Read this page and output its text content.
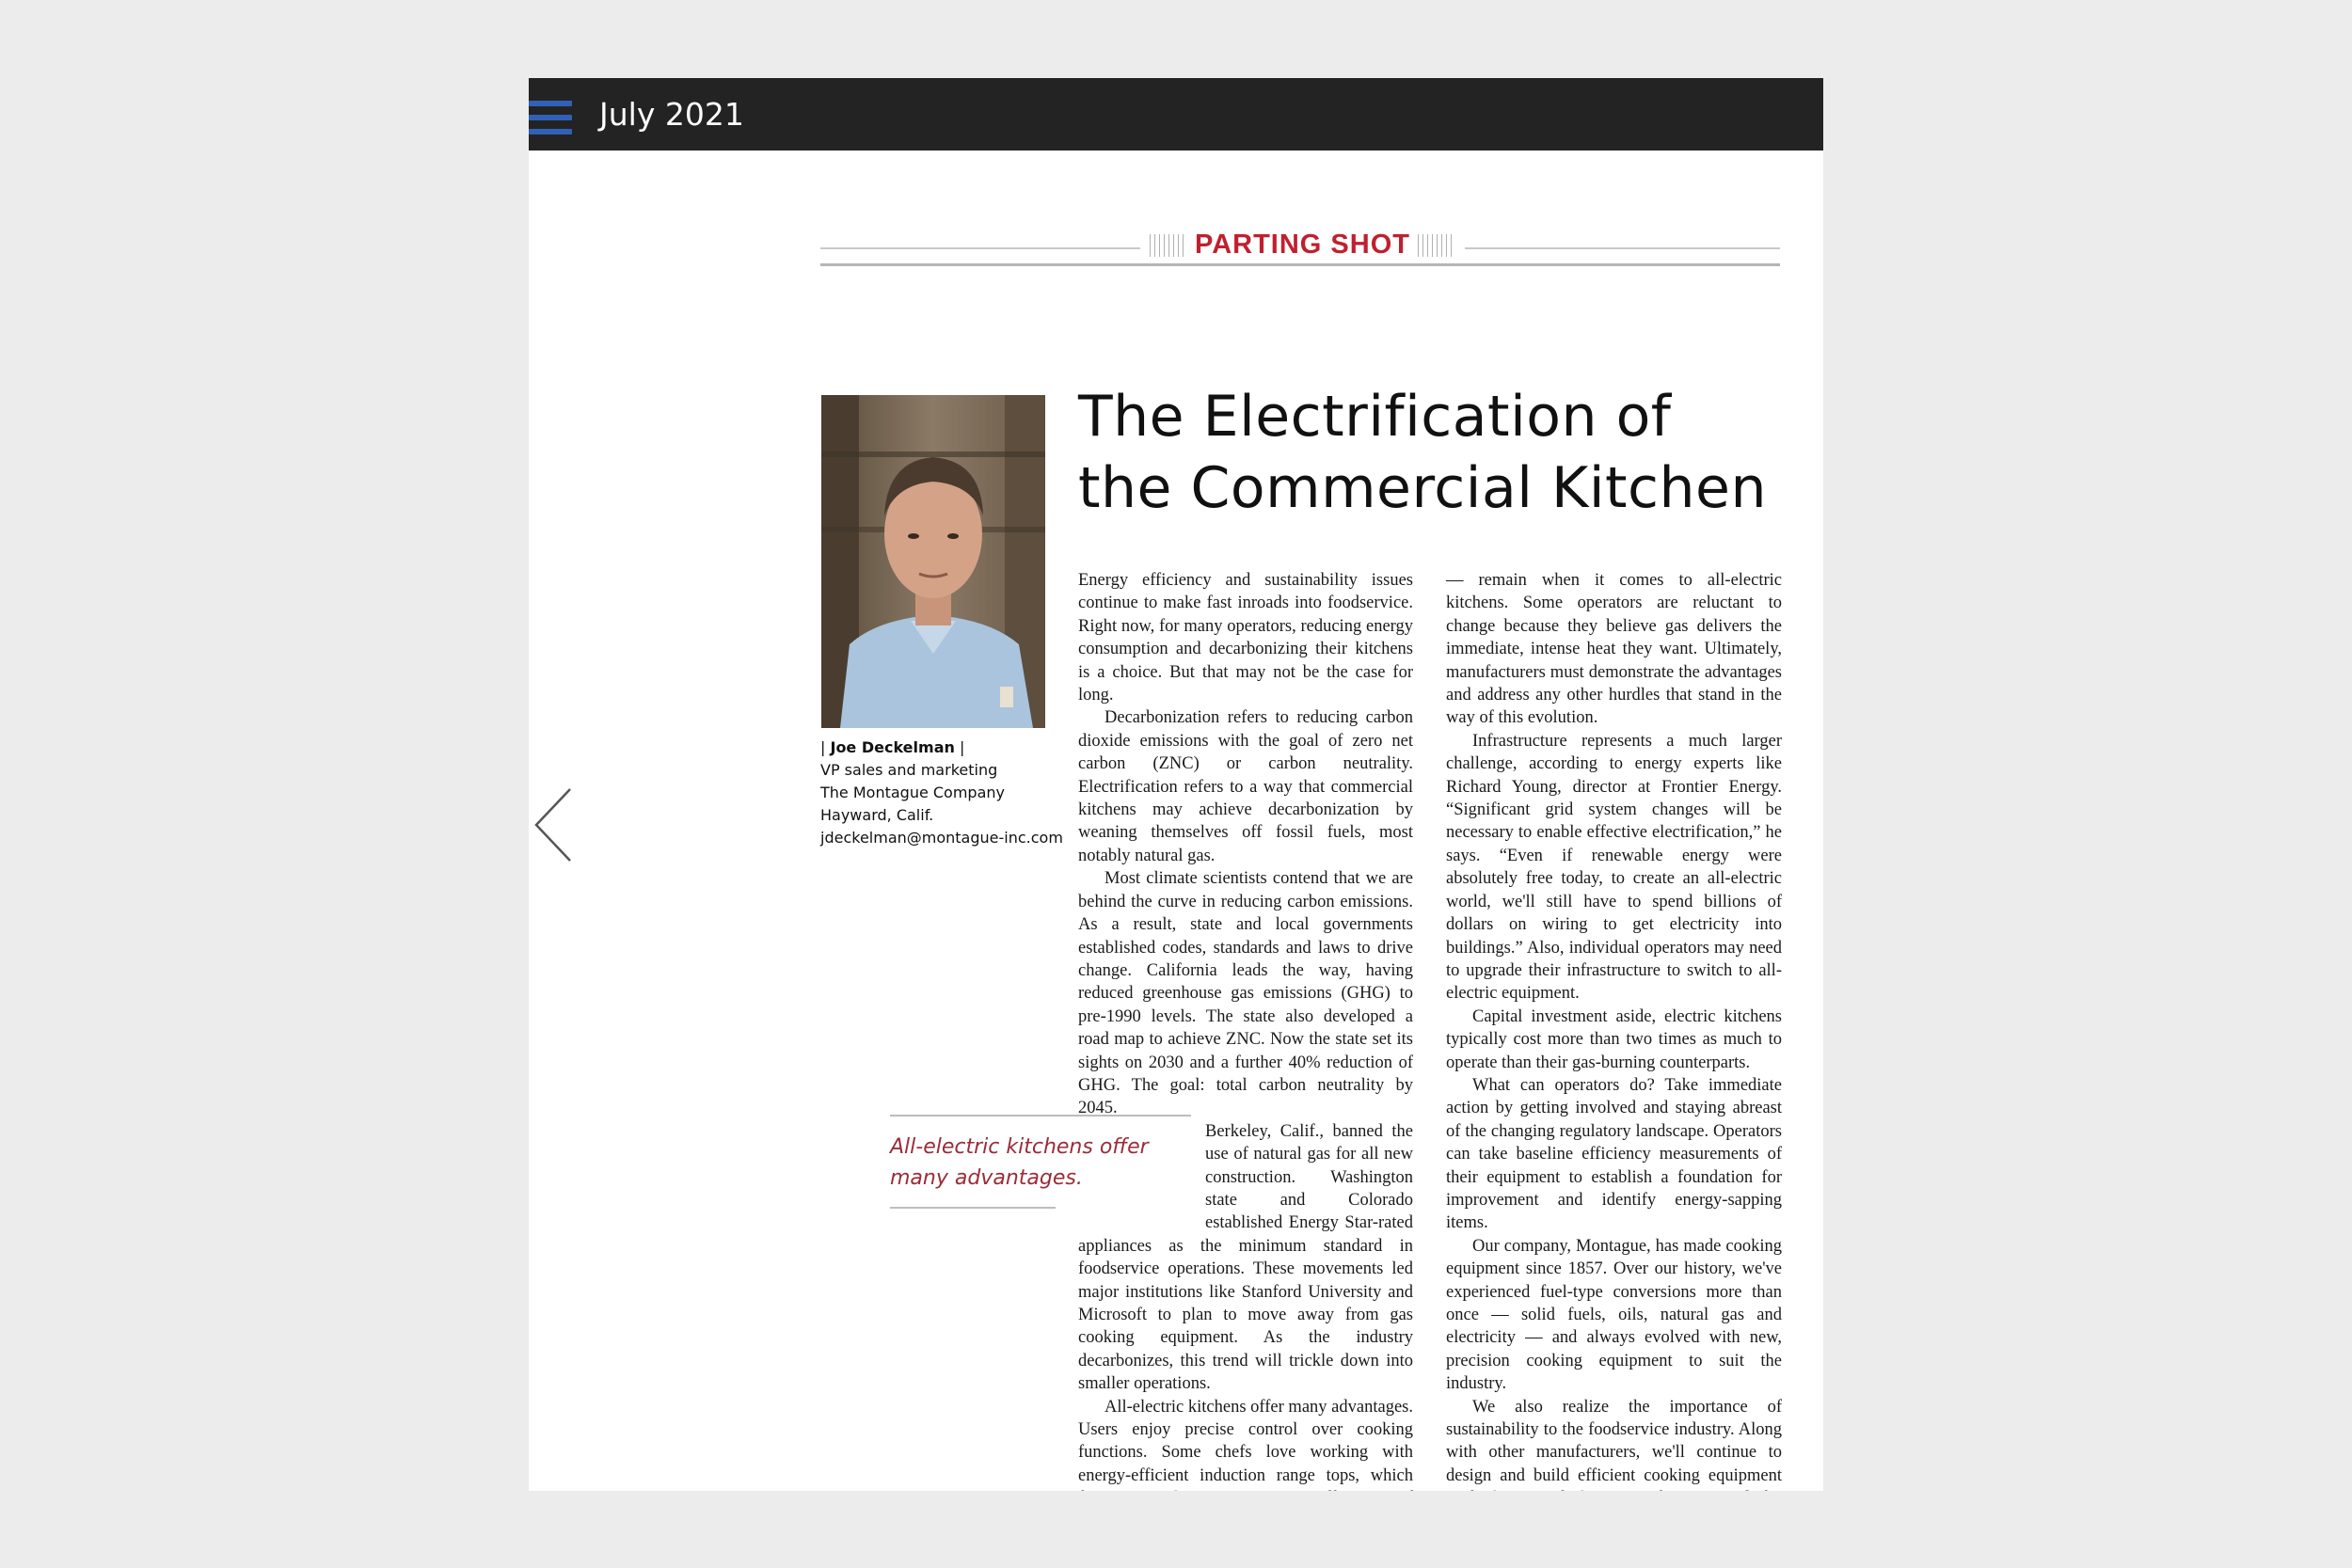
July 2021
PARTING SHOT
| Joe Deckelman |
VP sales and marketing
The Montague Company
Hayward, Calif.
jdeckelman@montague-inc.com
The Electrification of
the Commercial Kitchen

Energy efficiency and sustainability issues continue to make fast inroads into foodservice. Right now, for many operators, reducing energy consumption and decarbonizing their kitchens is a choice. But that may not be the case for long.

Decarbonization refers to reducing carbon dioxide emissions with the goal of zero net carbon (ZNC) or carbon neutrality. Electrification refers to a way that commercial kitchens may achieve decarbonization by weaning themselves off fossil fuels, most notably natural gas.

Most climate scientists contend that we are behind the curve in reducing carbon emissions. As a result, state and local governments established codes, standards and laws to drive change. California leads the way, having reduced greenhouse gas emissions (GHG) to pre-1990 levels. The state also developed a road map to achieve ZNC. Now the state set its sights on 2030 and a further 40% reduction of GHG. The goal: total carbon neutrality by 2045.

Berkeley, Calif., banned the use of natural gas for all new construction. Washington state and Colorado established Energy Star-rated appliances as the minimum standard in foodservice operations. These movements led major institutions like Stanford University and Microsoft to plan to move away from gas cooking equipment. As the industry decarbonizes, this trend will trickle down into smaller operations.

All-electric kitchens offer many advantages. Users enjoy precise control over cooking functions. Some chefs love working with energy-efficient induction range tops, which

— remain when it comes to all-electric kitchens. Some operators are reluctant to change because they believe gas delivers the immediate, intense heat they want. Ultimately, manufacturers must demonstrate the advantages and address any other hurdles that stand in the way of this evolution.

Infrastructure represents a much larger challenge, according to energy experts like Richard Young, director at Frontier Energy. “Significant grid system changes will be necessary to enable effective electrification,” he says. “Even if renewable energy were absolutely free today, to create an all-electric world, we'll still have to spend billions of dollars on wiring to get electricity into buildings.” Also, individual operators may need to upgrade their infrastructure to switch to all-electric equipment.

Capital investment aside, electric kitchens typically cost more than two times as much to operate than their gas-burning counterparts.

What can operators do? Take immediate action by getting involved and staying abreast of the changing regulatory landscape. Operators can take baseline efficiency measurements of their equipment to establish a foundation for improvement and identify energy-sapping items.

Our company, Montague, has made cooking equipment since 1857. Over our history, we've experienced fuel-type conversions more than once — solid fuels, oils, natural gas and electricity — and always evolved with new, precision cooking equipment to suit the industry.

We also realize the importance of sustainability to the foodservice industry. Along with other manufacturers, we'll continue to design and build efficient cooking equipment

All-electric kitchens offer many advantages.
